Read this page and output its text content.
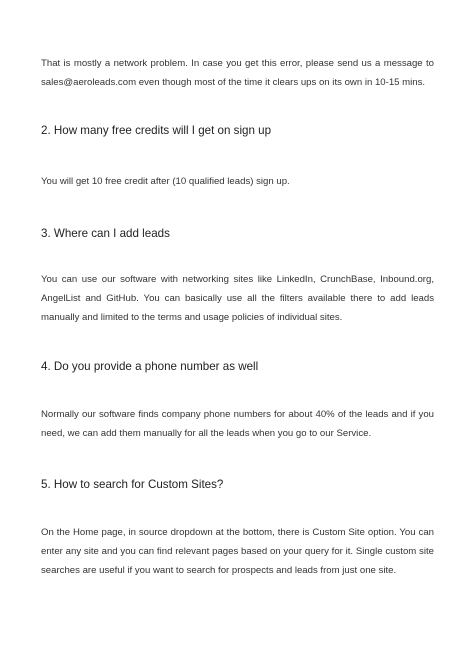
That is mostly a network problem. In case you get this error, please send us a message to sales@aeroleads.com even though most of the time it clears ups on its own in 10-15 mins.
2. How many free credits will I get on sign up
You will get 10 free credit after (10 qualified leads) sign up.
3. Where can I add leads
You can use our software with networking sites like LinkedIn, CrunchBase, Inbound.org, AngelList and GitHub. You can basically use all the filters available there to add leads manually and limited to the terms and usage policies of individual sites.
4. Do you provide a phone number as well
Normally our software finds company phone numbers for about 40% of the leads and if you need, we can add them manually for all the leads when you go to our Service.
5. How to search for Custom Sites?
On the Home page, in source dropdown at the bottom, there is Custom Site option. You can enter any site and you can find relevant pages based on your query for it. Single custom site searches are useful if you want to search for prospects and leads from just one site.
